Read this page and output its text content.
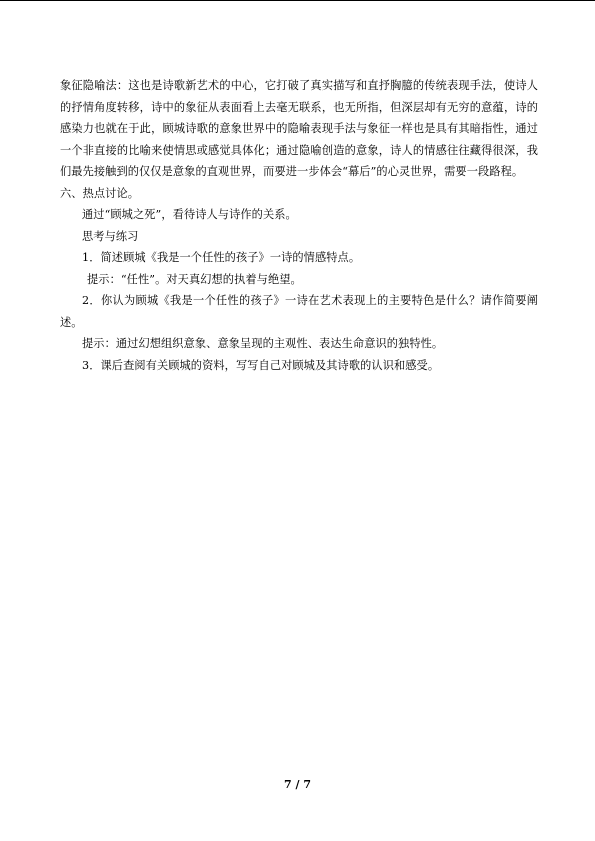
象征隐喻法：这也是诗歌新艺术的中心，它打破了真实描写和直抒胸臆的传统表现手法，使诗人的抒情角度转移，诗中的象征从表面看上去毫无联系，也无所指，但深层却有无穷的意蕴，诗的感染力也就在于此，顾城诗歌的意象世界中的隐喻表现手法与象征一样也是具有其暗指性，通过一个非直接的比喻来使情思或感觉具体化；通过隐喻创造的意象，诗人的情感往往藏得很深，我们最先接触到的仅仅是意象的直观世界，而要进一步体会“幕后”的心灵世界，需要一段路程。

六、热点讨论。

通过“顾城之死”，看待诗人与诗作的关系。

思考与练习

1．简述顾城《我是一个任性的孩子》一诗的情感特点。

提示：“任性”。对天真幻想的执着与绝望。

2．你认为顾城《我是一个任性的孩子》一诗在艺术表现上的主要特色是什么？请作简要阐述。

提示：通过幻想组织意象、意象呈现的主观性、表达生命意识的独特性。

3．课后查阅有关顾城的资料，写写自己对顾城及其诗歌的认识和感受。

7 / 7
